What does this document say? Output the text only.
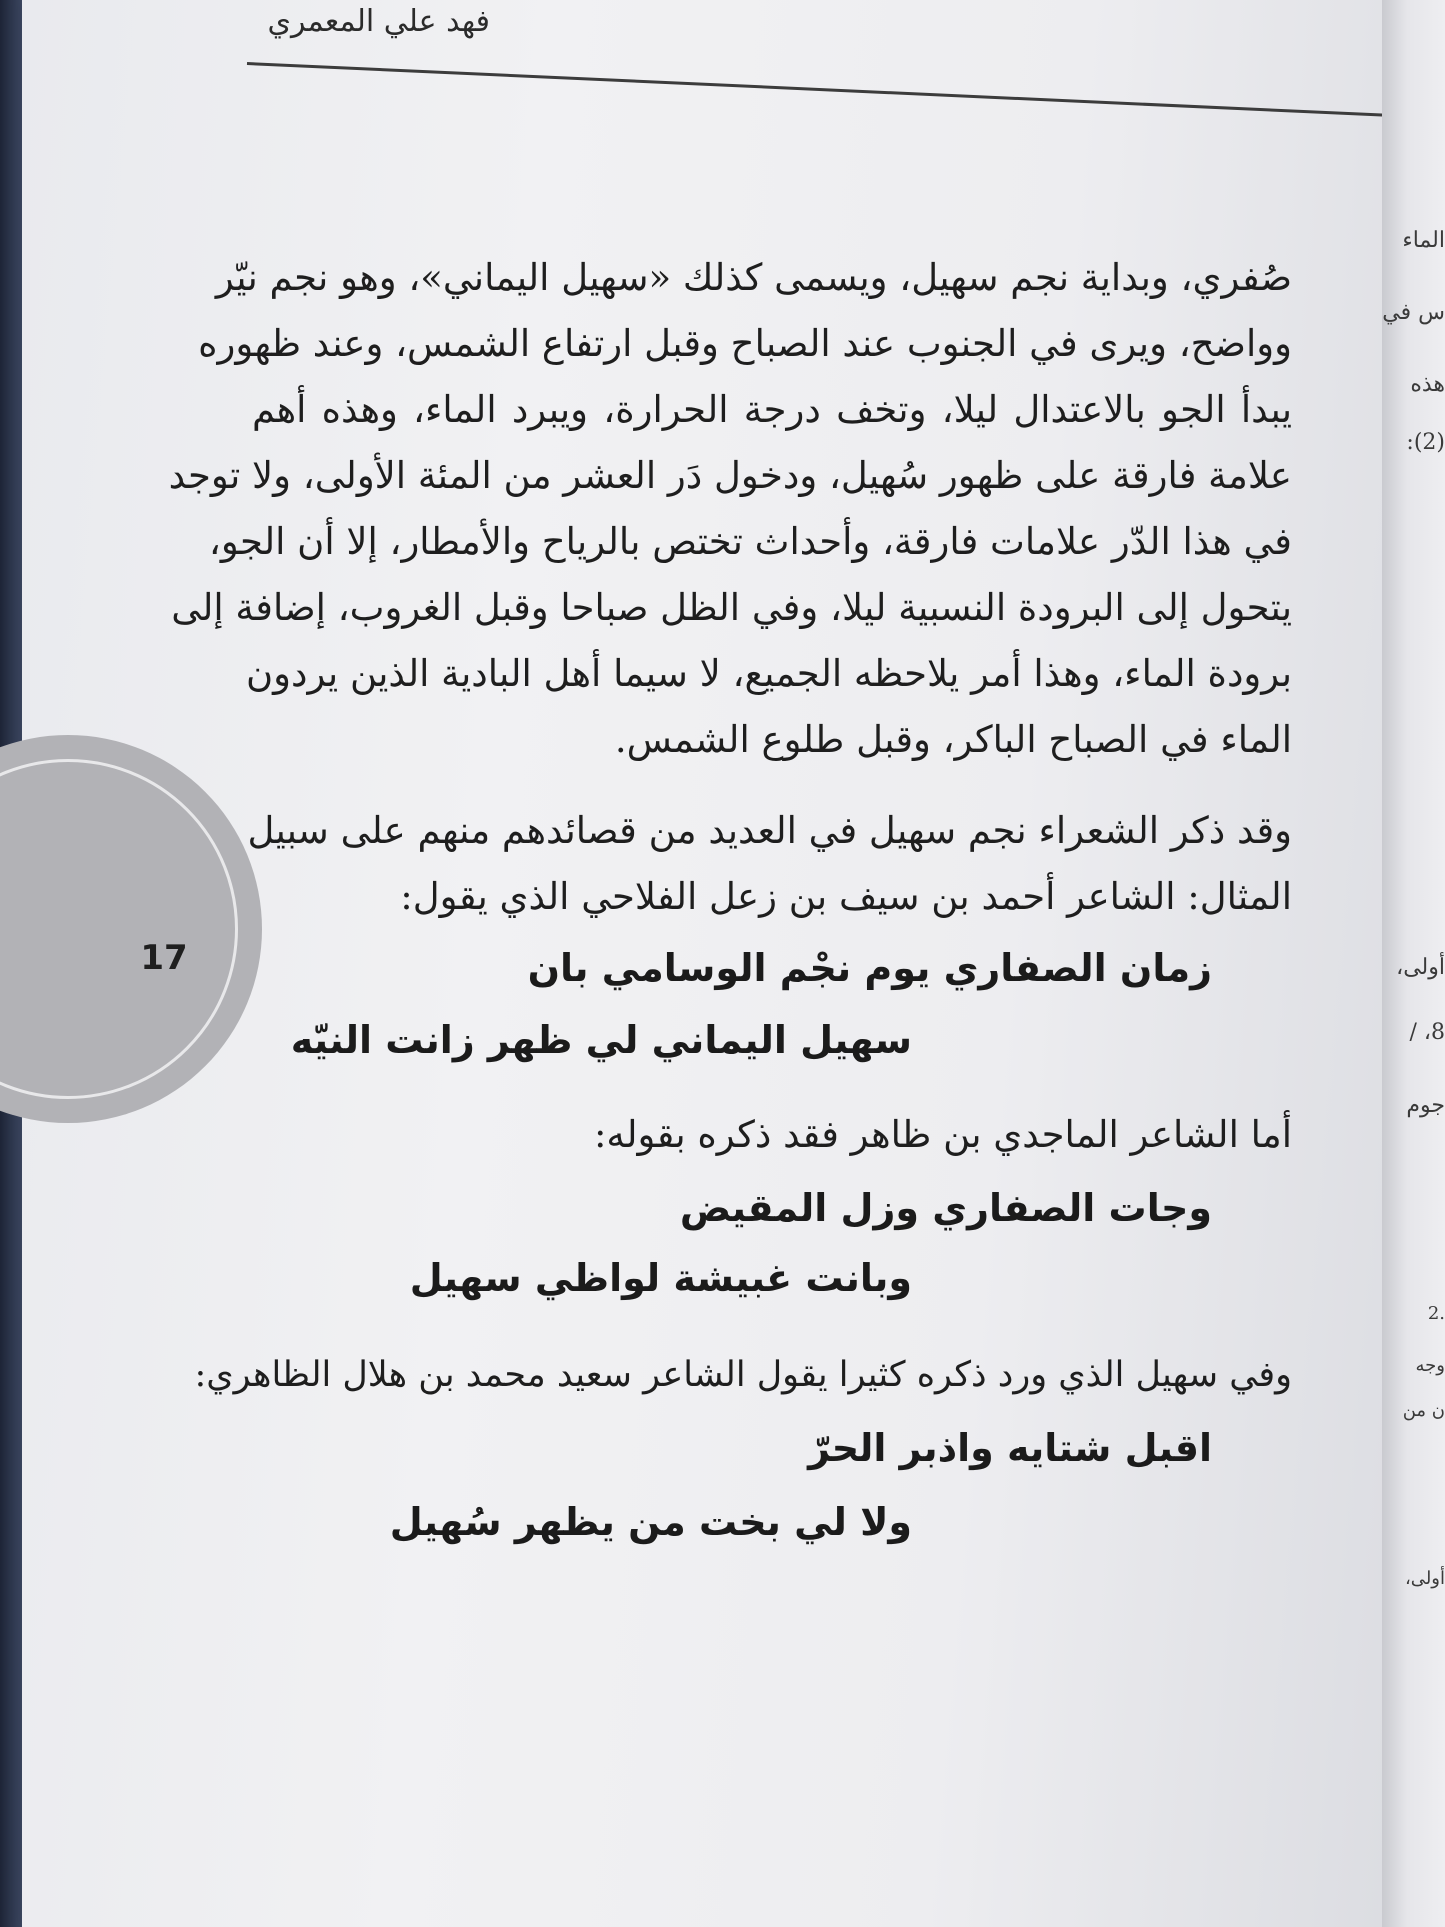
فهد علي المعمري
17
صُفري، وبداية نجم سهيل، ويسمى كذلك «سهيل اليماني»، وهو نجم نيّر
وواضح، ويرى في الجنوب عند الصباح وقبل ارتفاع الشمس، وعند ظهوره
يبدأ الجو بالاعتدال ليلا، وتخف درجة الحرارة، ويبرد الماء، وهذه أهم
علامة فارقة على ظهور سُهيل، ودخول دَر العشر من المئة الأولى، ولا توجد
في هذا الدّر علامات فارقة، وأحداث تختص بالرياح والأمطار، إلا أن الجو،
يتحول إلى البرودة النسبية ليلا، وفي الظل صباحا وقبل الغروب، إضافة إلى
برودة الماء، وهذا أمر يلاحظه الجميع، لا سيما أهل البادية الذين يردون
الماء في الصباح الباكر، وقبل طلوع الشمس.
وقد ذكر الشعراء نجم سهيل في العديد من قصائدهم منهم على سبيل
المثال: الشاعر أحمد بن سيف بن زعل الفلاحي الذي يقول:
زمان الصفاري يوم نجْم الوسامي بان
سهيل اليماني لي ظهر زانت النيّه
أما الشاعر الماجدي بن ظاهر فقد ذكره بقوله:
وجات الصفاري وزل المقيض
وبانت غبيشة لواظي سهيل
وفي سهيل الذي ورد ذكره كثيرا يقول الشاعر سعيد محمد بن هلال الظاهري:
اقبل شتايه واذبر الحرّ
ولا لي بخت من يظهر سُهيل
الماء
س في
هذه
(2):
أولى،
8، /
جوم
.2
وجه
ن من
أولى،
